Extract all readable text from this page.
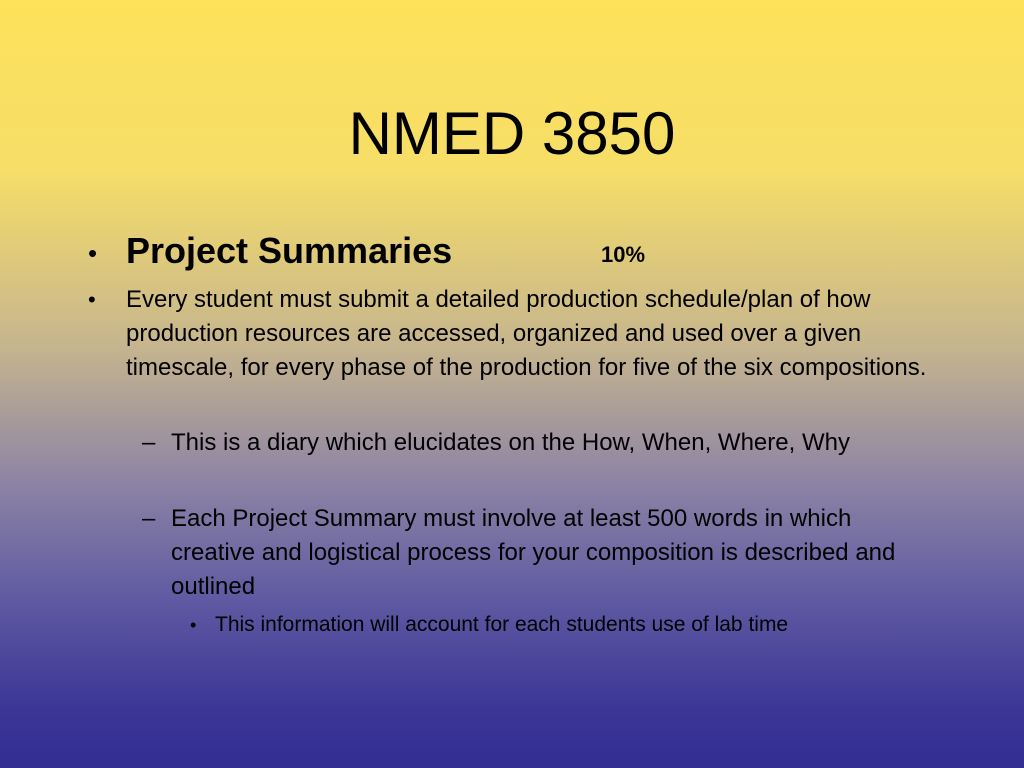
NMED 3850
• Project Summaries	10%
• Every student must submit a detailed production schedule/plan of how production resources are accessed, organized and used over a given timescale, for every phase of the production for five of the six compositions.
– This is a diary which elucidates on the How, When, Where, Why
– Each Project Summary must involve at least 500 words in which creative and logistical process for your composition is described and outlined
• This information will account for each students use of lab time
